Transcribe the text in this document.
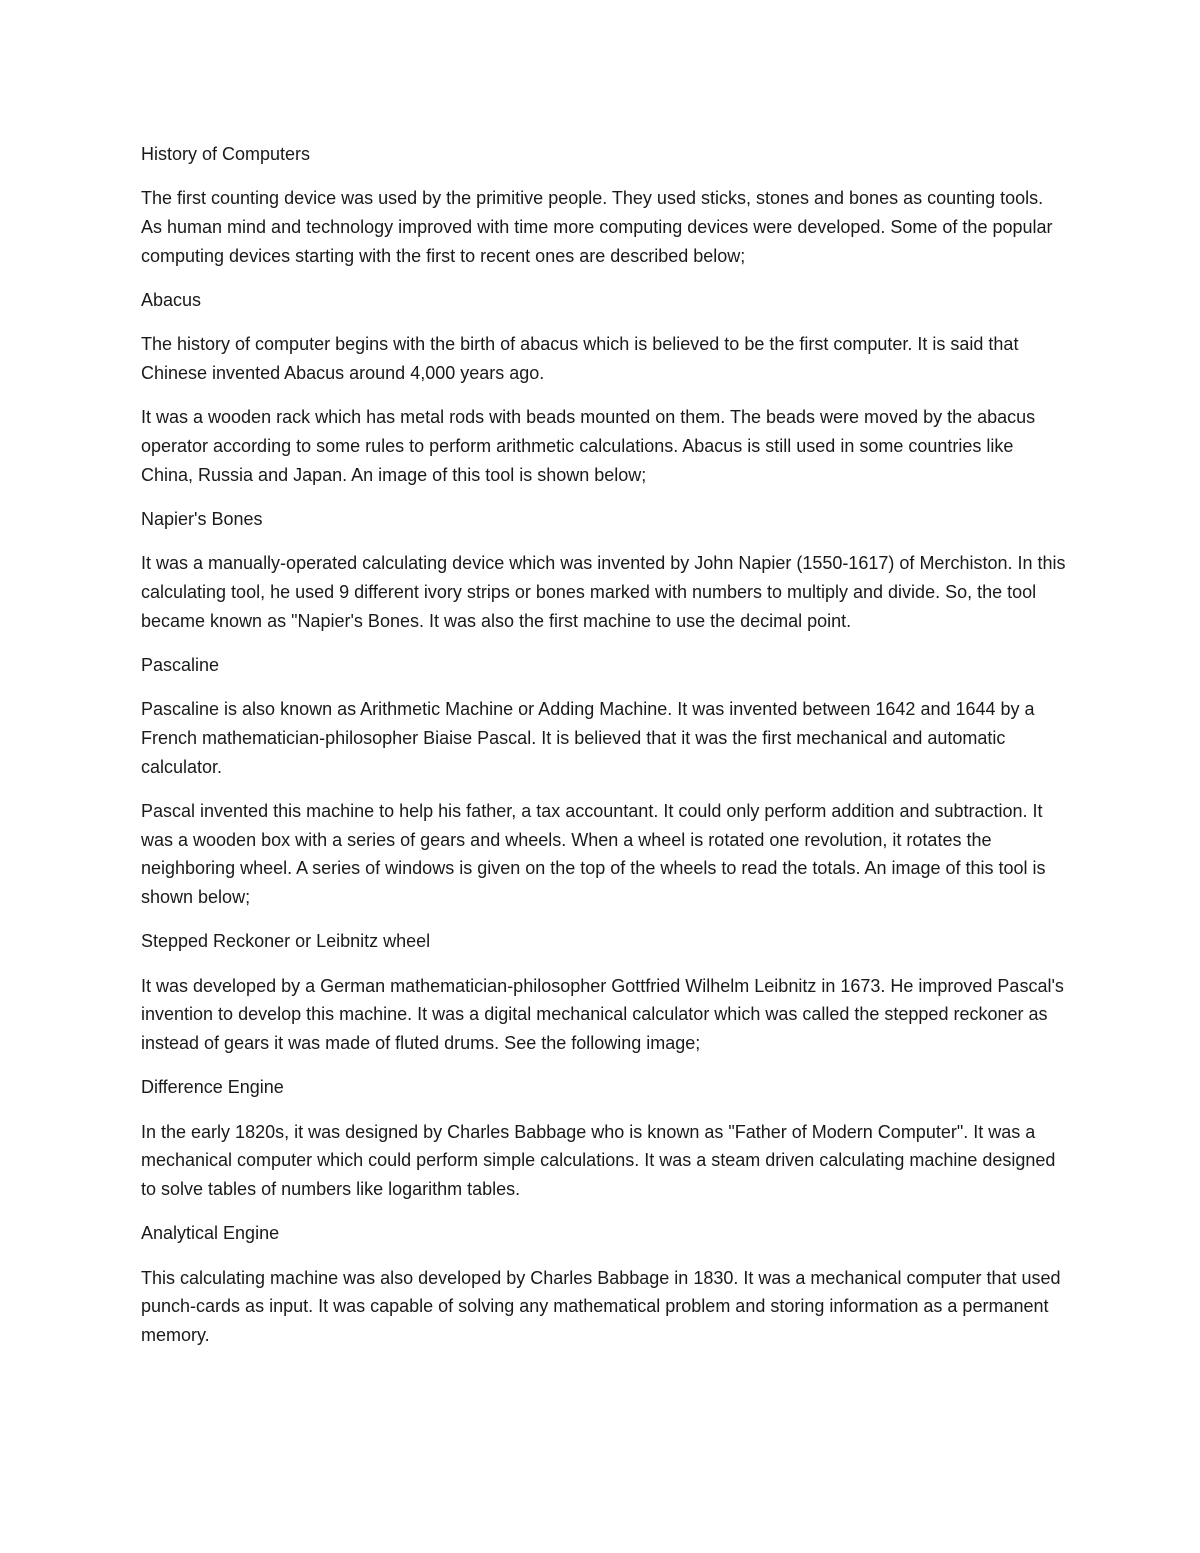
History of Computers

The first counting device was used by the primitive people. They used sticks, stones and bones as counting tools. As human mind and technology improved with time more computing devices were developed. Some of the popular computing devices starting with the first to recent ones are described below;

Abacus

The history of computer begins with the birth of abacus which is believed to be the first computer. It is said that Chinese invented Abacus around 4,000 years ago.

It was a wooden rack which has metal rods with beads mounted on them. The beads were moved by the abacus operator according to some rules to perform arithmetic calculations. Abacus is still used in some countries like China, Russia and Japan. An image of this tool is shown below;

Napier's Bones

It was a manually-operated calculating device which was invented by John Napier (1550-1617) of Merchiston. In this calculating tool, he used 9 different ivory strips or bones marked with numbers to multiply and divide. So, the tool became known as "Napier's Bones. It was also the first machine to use the decimal point.

Pascaline

Pascaline is also known as Arithmetic Machine or Adding Machine. It was invented between 1642 and 1644 by a French mathematician-philosopher Biaise Pascal. It is believed that it was the first mechanical and automatic calculator.

Pascal invented this machine to help his father, a tax accountant. It could only perform addition and subtraction. It was a wooden box with a series of gears and wheels. When a wheel is rotated one revolution, it rotates the neighboring wheel. A series of windows is given on the top of the wheels to read the totals. An image of this tool is shown below;

Stepped Reckoner or Leibnitz wheel

It was developed by a German mathematician-philosopher Gottfried Wilhelm Leibnitz in 1673. He improved Pascal's invention to develop this machine. It was a digital mechanical calculator which was called the stepped reckoner as instead of gears it was made of fluted drums. See the following image;

Difference Engine

In the early 1820s, it was designed by Charles Babbage who is known as "Father of Modern Computer". It was a mechanical computer which could perform simple calculations. It was a steam driven calculating machine designed to solve tables of numbers like logarithm tables.

Analytical Engine

This calculating machine was also developed by Charles Babbage in 1830. It was a mechanical computer that used punch-cards as input. It was capable of solving any mathematical problem and storing information as a permanent memory.
